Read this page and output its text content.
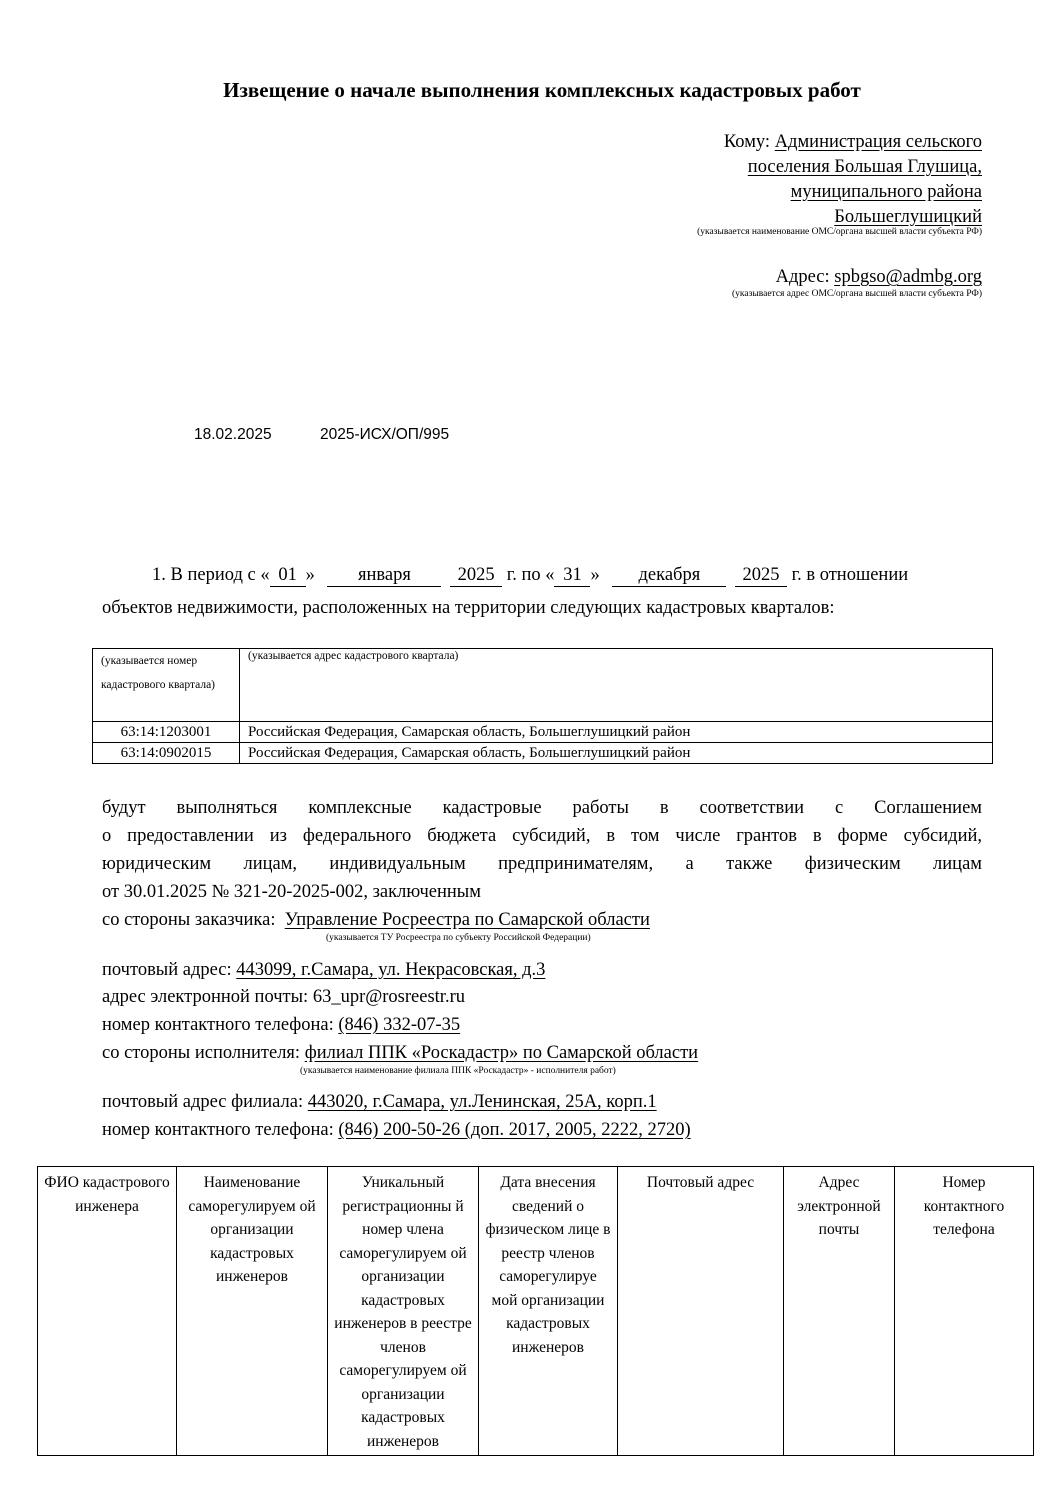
Извещение о начале выполнения комплексных кадастровых работ
Кому: Администрация сельского
поселения Большая Глушица,
муниципального района
Большеглушицкий
(указывается наименование ОМС/органа высшей власти субъекта РФ)
Адрес: spbgso@admbg.org
(указывается адрес ОМС/органа высшей власти субъекта РФ)
18.02.2025	2025-ИСХ/ОП/995
1. В период с « 01 » января	2025 г. по « 31 » декабря 2025 г. в отношении
объектов недвижимости, расположенных на территории следующих кадастровых кварталов:
(указывается номер кадастрового квартала)	(указывается адрес кадастрового квартала)
63:14:1203001	Российская Федерация, Самарская область, Большеглушицкий район
63:14:0902015	Российская Федерация, Самарская область, Большеглушицкий район
будут выполняться комплексные кадастровые работы в соответствии с Соглашением
о предоставлении из федерального бюджета субсидий, в том числе грантов в форме субсидий,
юридическим лицам, индивидуальным предпринимателям, а также физическим лицам
от 30.01.2025 № 321-20-2025-002, заключенным
со стороны заказчика: Управление Росреестра по Самарской области
(указывается ТУ Росреестра по субъекту Российской Федерации)
почтовый адрес: 443099, г.Самара, ул. Некрасовская, д.3
адрес электронной почты: 63_upr@rosreestr.ru
номер контактного телефона: (846) 332-07-35
со стороны исполнителя: филиал ППК «Роскадастр» по Самарской области
(указывается наименование филиала ППК «Роскадастр» - исполнителя работ)
почтовый адрес филиала: 443020, г.Самара, ул.Ленинская, 25А, корп.1
номер контактного телефона: (846) 200-50-26 (доп. 2017, 2005, 2222, 2720)
ФИО кадастрового инженера	Наименование саморегулируем ой организации кадастровых инженеров	Уникальный регистрационны й номер члена саморегулируем ой организации кадастровых инженеров в реестре членов саморегулируем ой организации кадастровых инженеров	Дата внесения сведений о физическом лице в реестр членов саморегулируе мой организации кадастровых инженеров	Почтовый адрес	Адрес электронной почты	Номер контактного телефона
